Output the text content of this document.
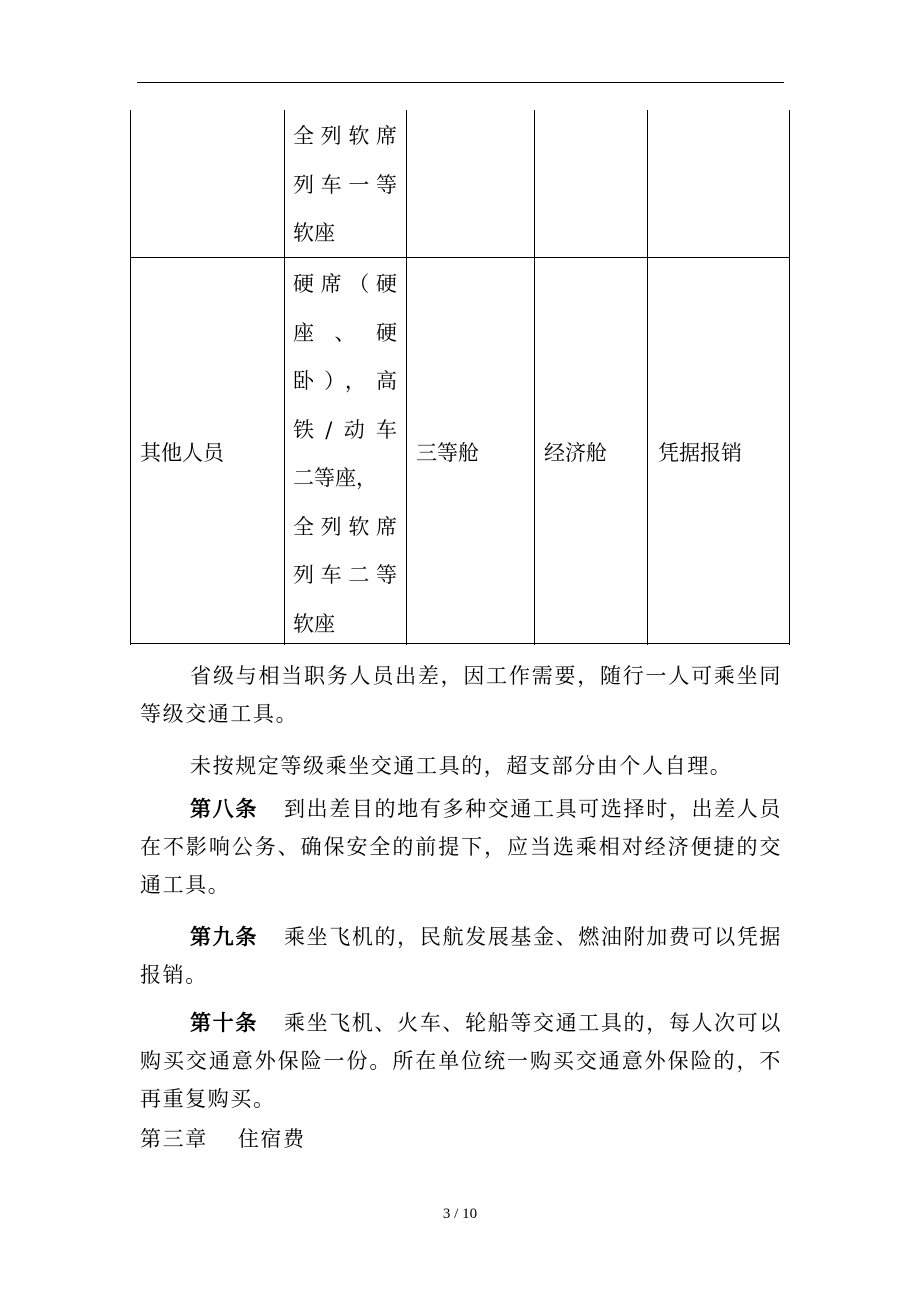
全列软席
列车一等
软座
其他人员
硬席（硬
座 、 硬
卧），高
铁/动车
二等座，
全列软席
列车二等
软座
三等舱	经济舱 凭据报销
省级与相当职务人员出差，因工作需要，随行一人可乘坐同等级交通工具。
未按规定等级乘坐交通工具的，超支部分由个人自理。
第八条 到出差目的地有多种交通工具可选择时，出差人员在不影响公务、确保安全的前提下，应当选乘相对经济便捷的交通工具。
第九条 乘坐飞机的，民航发展基金、燃油附加费可以凭据报销。
第十条 乘坐飞机、火车、轮船等交通工具的，每人次可以购买交通意外保险一份。所在单位统一购买交通意外保险的，不再重复购买。
第三章 住宿费
3 / 10
